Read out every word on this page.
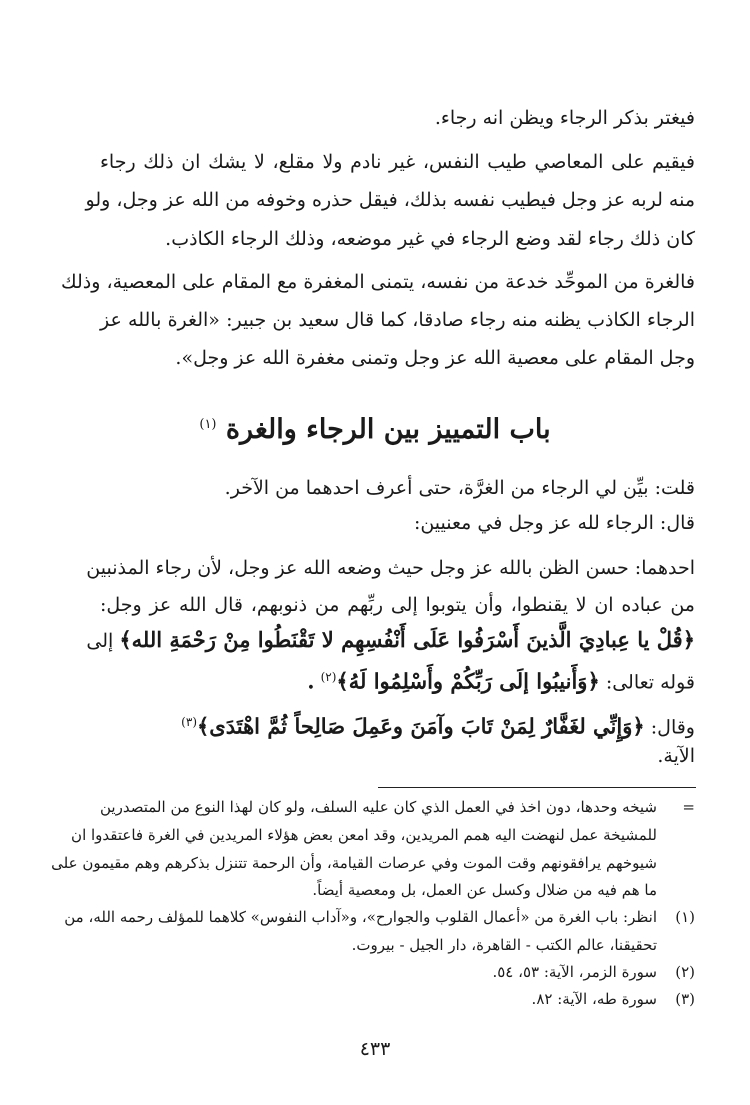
فيغتر بذكر الرجاء ويظن انه رجاء.
فيقيم على المعاصي طيب النفس، غير نادم ولا مقلع، لا يشك ان ذلك رجاء
منه لربه عز وجل فيطيب نفسه بذلك، فيقل حذره وخوفه من الله عز وجل، ولو
كان ذلك رجاء لقد وضع الرجاء في غير موضعه، وذلك الرجاء الكاذب.
فالغرة من الموحِّد خدعة من نفسه، يتمنى المغفرة مع المقام على المعصية، وذلك
الرجاء الكاذب يظنه منه رجاء صادقا، كما قال سعيد بن جبير: «الغرة بالله عز
وجل المقام على معصية الله عز وجل وتمنى مغفرة الله عز وجل».
باب التمييز بين الرجاء والغرة $^{(١)}$
قلت: بيِّن لي الرجاء من الغرَّة، حتى أعرف احدهما من الآخر.
قال: الرجاء لله عز وجل في معنيين:
احدهما: حسن الظن بالله عز وجل حيث وضعه الله عز وجل، لأن رجاء المذنبين
من عباده ان لا يقنطوا، وأن يتوبوا إلى ربِّهم من ذنوبهم، قال الله عز وجل:
﴿قُلْ يا عِبادِيَ الَّذينَ أَسْرَفُوا عَلَى أَنْفُسِهِم لا تَقْنَطُوا مِنْ رَحْمَةِ الله﴾ إلى
قوله تعالى: ﴿وَأَنيبُوا إلَى رَبِّكُمْ وأَسْلِمُوا لَهُ﴾$^{(٢)}$ .
وقال: ﴿وَإِنِّي لغَفَّارٌ لِمَنْ تَابَ وآمَنَ وعَمِلَ صَالِحاً ثُمَّ اهْتَدَى﴾$^{(٣)}$
الآية.
=شيخه وحدها، دون اخذ في العمل الذي كان عليه السلف، ولو كان لهذا النوع من المتصدرين
للمشيخة عمل لنهضت اليه همم المريدين، وقد امعن بعض هؤلاء المريدين في الغرة فاعتقدوا ان
شيوخهم يرافقونهم وقت الموت وفي عرصات القيامة، وأن الرحمة تتنزل بذكرهم وهم مقيمون على
ما هم فيه من ضلال وكسل عن العمل، بل ومعصية أيضاً.
(١)انظر: باب الغرة من «أعمال القلوب والجوارح»، و«آداب النفوس» كلاهما للمؤلف رحمه الله، من
تحقيقنا، عالم الكتب - القاهرة، دار الجيل - بيروت.
(٢)سورة الزمر، الآية: ٥٣، ٥٤.
(٣)سورة طه، الآية: ٨٢.
٤٣٣
